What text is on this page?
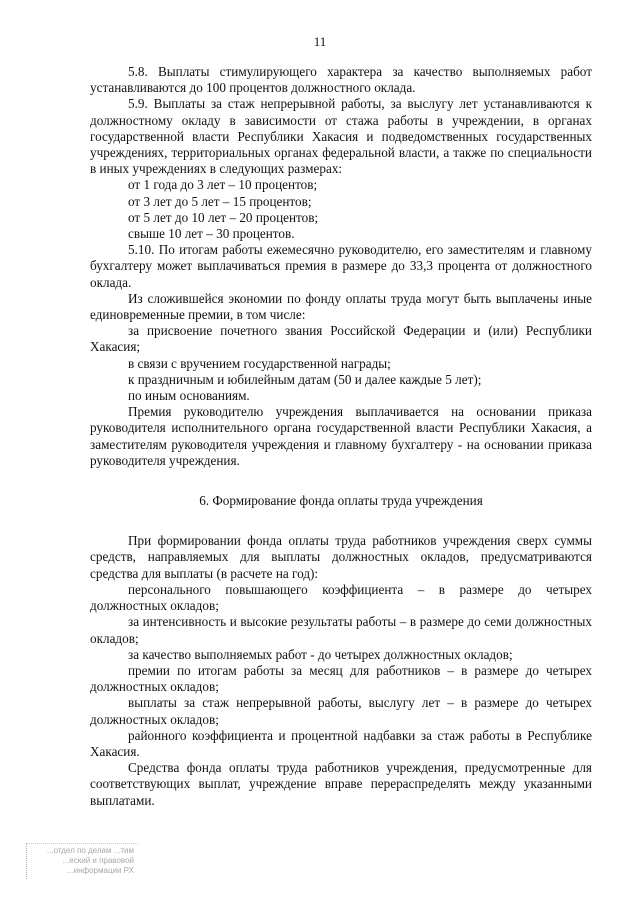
11

5.8. Выплаты стимулирующего характера за качество выполняемых работ устанавливаются до 100 процентов должностного оклада.

5.9. Выплаты за стаж непрерывной работы, за выслугу лет устанавливаются к должностному окладу в зависимости от стажа работы в учреждении, в органах государственной власти Республики Хакасия и подведомственных государственных учреждениях, территориальных органах федеральной власти, а также по специальности в иных учреждениях в следующих размерах:

от 1 года до 3 лет – 10 процентов;

от 3 лет до 5 лет – 15 процентов;

от 5 лет до 10 лет – 20 процентов;

свыше 10 лет – 30 процентов.

5.10. По итогам работы ежемесячно руководителю, его заместителям и главному бухгалтеру может выплачиваться премия в размере до 33,3 процента от должностного оклада.

Из сложившейся экономии по фонду оплаты труда могут быть выплачены иные единовременные премии, в том числе:

за присвоение почетного звания Российской Федерации и (или) Республики Хакасия;

в связи с вручением государственной награды;

к праздничным и юбилейным датам (50 и далее каждые 5 лет);

по иным основаниям.

Премия руководителю учреждения выплачивается на основании приказа руководителя исполнительного органа государственной власти Республики Хакасия, а заместителям руководителя учреждения и главному бухгалтеру - на основании приказа руководителя учреждения.

6. Формирование фонда оплаты труда учреждения

При формировании фонда оплаты труда работников учреждения сверх суммы средств, направляемых для выплаты должностных окладов, предусматриваются средства для выплаты (в расчете на год):

персонального повышающего коэффициента – в размере до четырех должностных окладов;

за интенсивность и высокие результаты работы – в размере до семи должностных окладов;

за качество выполняемых работ - до четырех должностных окладов;

премии по итогам работы за месяц для работников – в размере до четырех должностных окладов;

выплаты за стаж непрерывной работы, выслугу лет – в размере до четырех должностных окладов;

районного коэффициента и процентной надбавки за стаж работы в Республике Хакасия.

Средства фонда оплаты труда работников учреждения, предусмотренные для соответствующих выплат, учреждение вправе перераспределять между указанными выплатами.

...отдел по делам ...тим
...еский и правовой
...информации РХ
